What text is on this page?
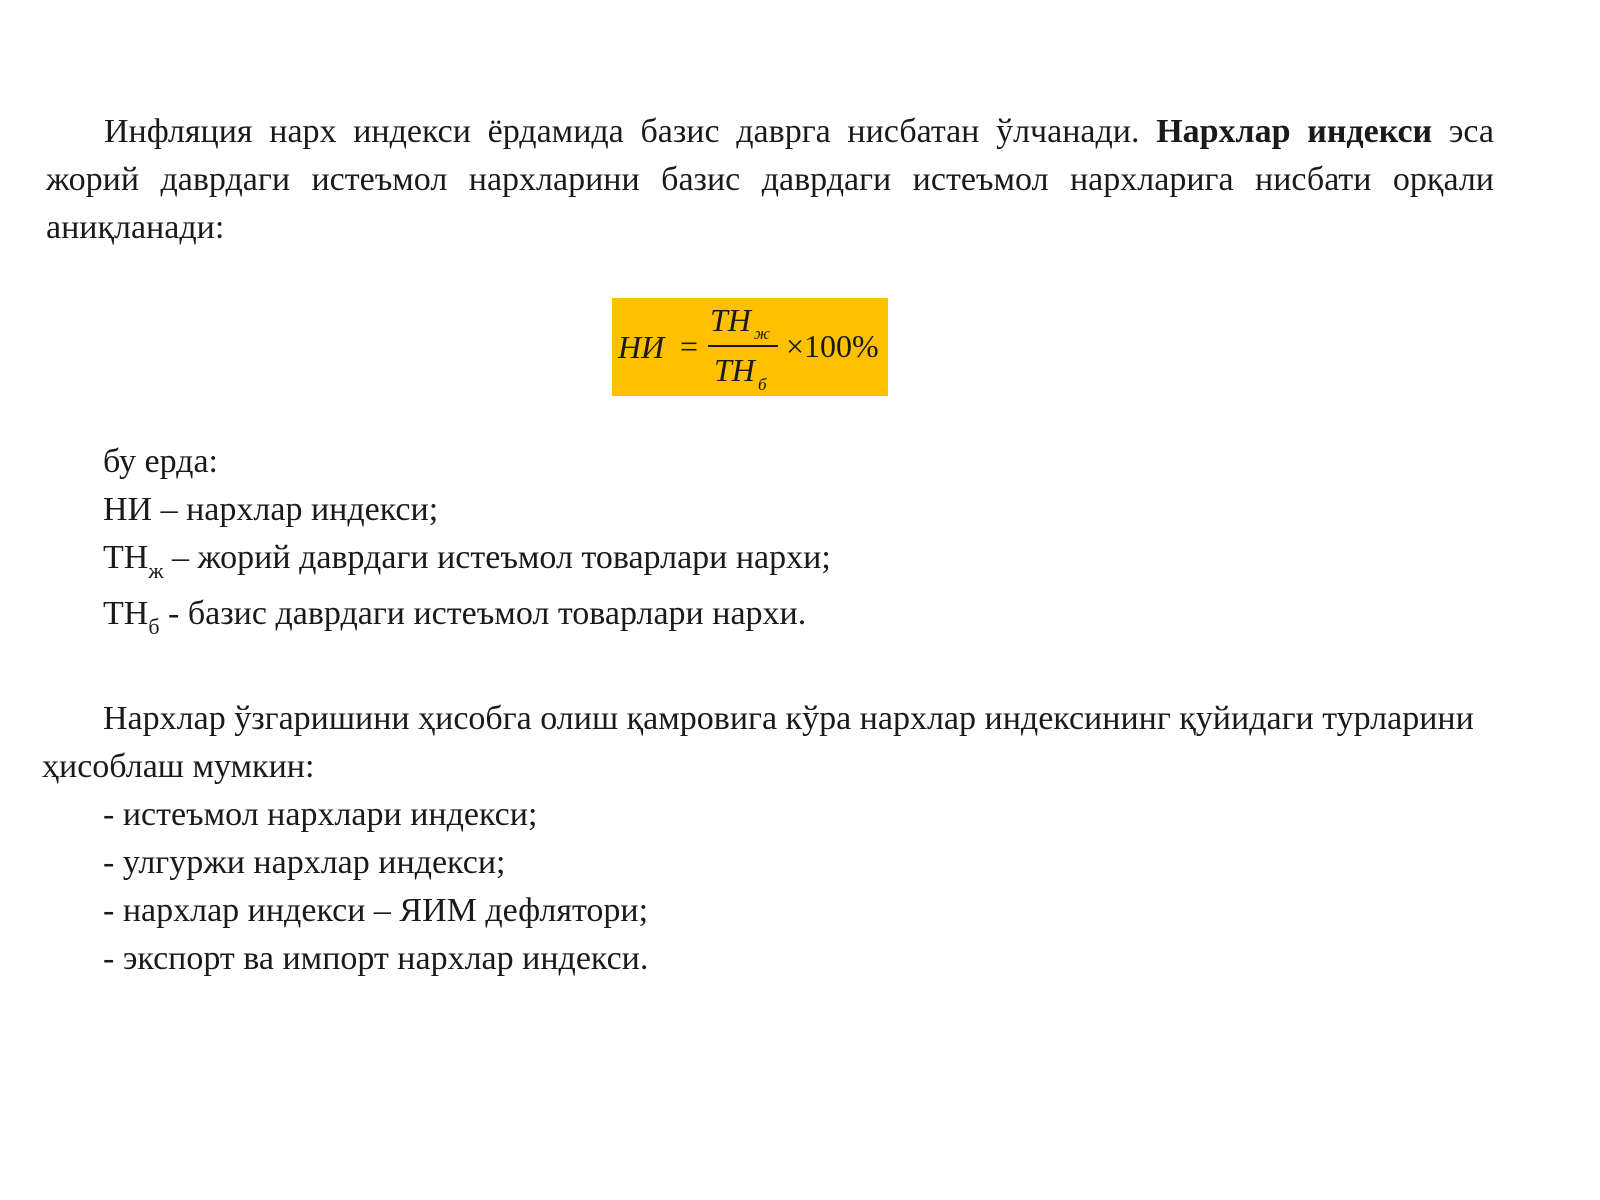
Инфляция нарх индекси ёрдамида базис даврга нисбатан ўлчанади. Нархлар индекси эса жорий даврдаги истеъмол нархларини базис даврдаги истеъмол нархларига нисбати орқали аниқланади:

НИ =
ТН ж
ТН б
×100%
бу ерда:
НИ – нархлар индекси;
$ТН_ж$ – жорий даврдаги истеъмол товарлари нархи;
$ТН_б$ - базис даврдаги истеъмол товарлари нархи.

Нархлар ўзгаришини ҳисобга олиш қамровига кўра нархлар индексининг қуйидаги турларини ҳисоблаш мумкин:

- истеъмол нархлари индекси;
- улгуржи нархлар индекси;
- нархлар индекси – ЯИМ дефлятори;
- экспорт ва импорт нархлар индекси.
